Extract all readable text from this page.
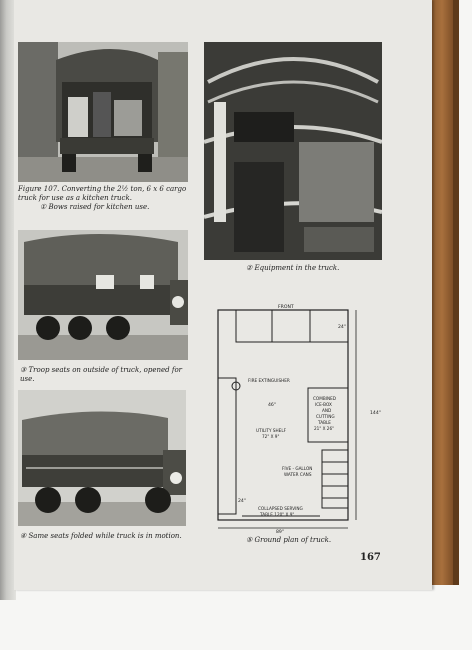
Figure 107. Converting the 2½ ton, 6 x 6 cargo truck for use as a kitchen truck.
① Bows raised for kitchen use.
② Equipment in the truck.
③ Troop seats on outside of truck, opened for use.
④ Same seats folded while truck is in motion.
FRONT
24"
FIRE EXTINGUISHER
46"
COMBINED
ICE-BOX
AND
CUTTING
TABLE
21" X 26"
144"
UTILITY SHELF
72" X 9"
FIVE - GALLON
WATER CANS
24"
COLLAPSED SERVING
TABLE 120" X 9"
89"
⑤ Ground plan of truck.
167
